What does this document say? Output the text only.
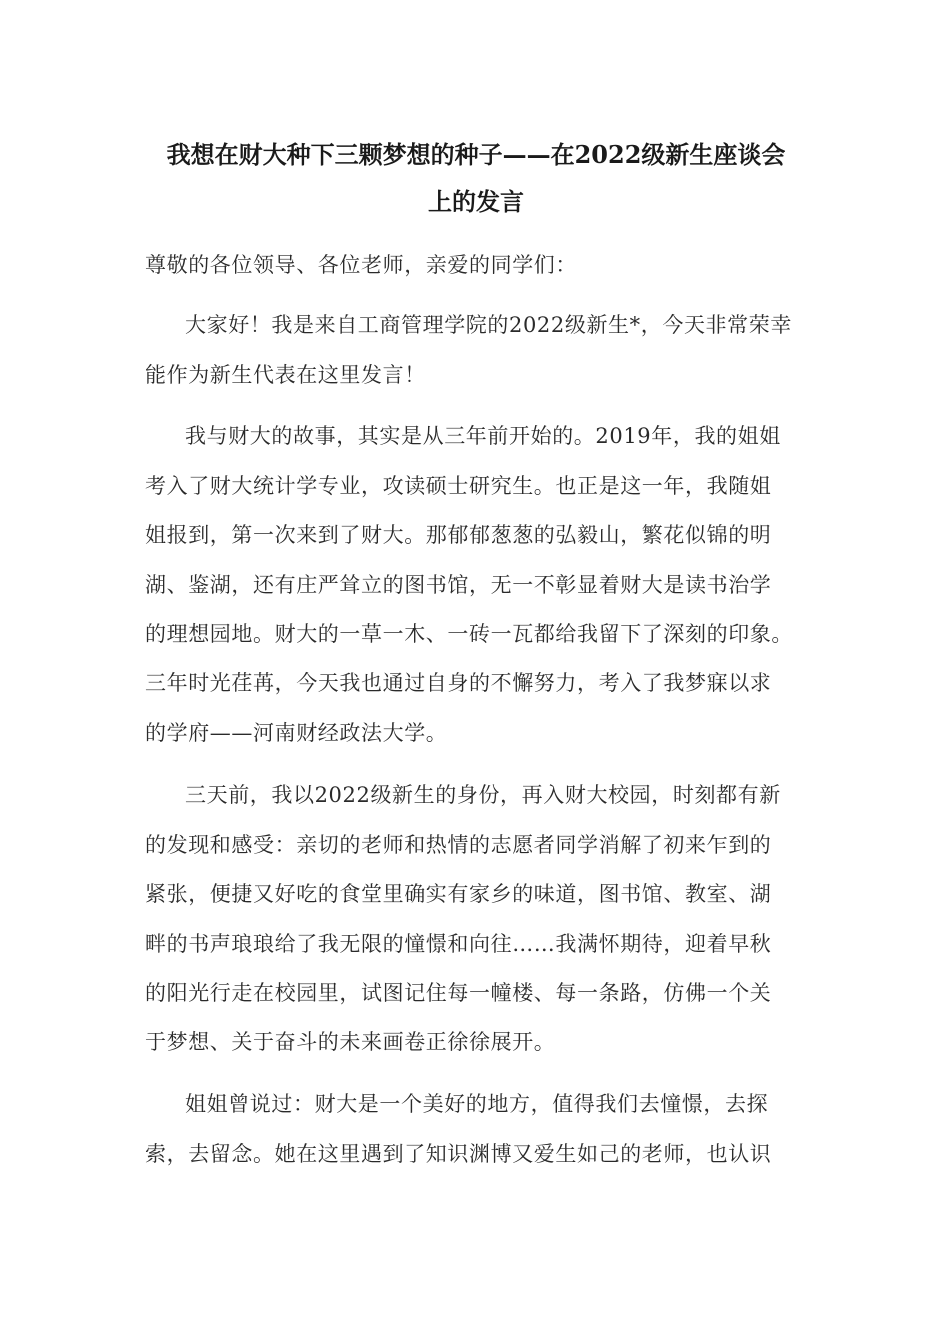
我想在财大种下三颗梦想的种子——在2022级新生座谈会
上的发言
尊敬的各位领导、各位老师，亲爱的同学们：
大家好！我是来自工商管理学院的2022级新生*，今天非常荣幸
能作为新生代表在这里发言！
我与财大的故事，其实是从三年前开始的。2019年，我的姐姐
考入了财大统计学专业，攻读硕士研究生。也正是这一年，我随姐
姐报到，第一次来到了财大。那郁郁葱葱的弘毅山，繁花似锦的明
湖、鉴湖，还有庄严耸立的图书馆，无一不彰显着财大是读书治学
的理想园地。财大的一草一木、一砖一瓦都给我留下了深刻的印象。
三年时光荏苒，今天我也通过自身的不懈努力，考入了我梦寐以求
的学府——河南财经政法大学。
三天前，我以2022级新生的身份，再入财大校园，时刻都有新
的发现和感受：亲切的老师和热情的志愿者同学消解了初来乍到的
紧张，便捷又好吃的食堂里确实有家乡的味道，图书馆、教室、湖
畔的书声琅琅给了我无限的憧憬和向往……我满怀期待，迎着早秋
的阳光行走在校园里，试图记住每一幢楼、每一条路，仿佛一个关
于梦想、关于奋斗的未来画卷正徐徐展开。
姐姐曾说过：财大是一个美好的地方，值得我们去憧憬，去探
索，去留念。她在这里遇到了知识渊博又爱生如己的老师，也认识
